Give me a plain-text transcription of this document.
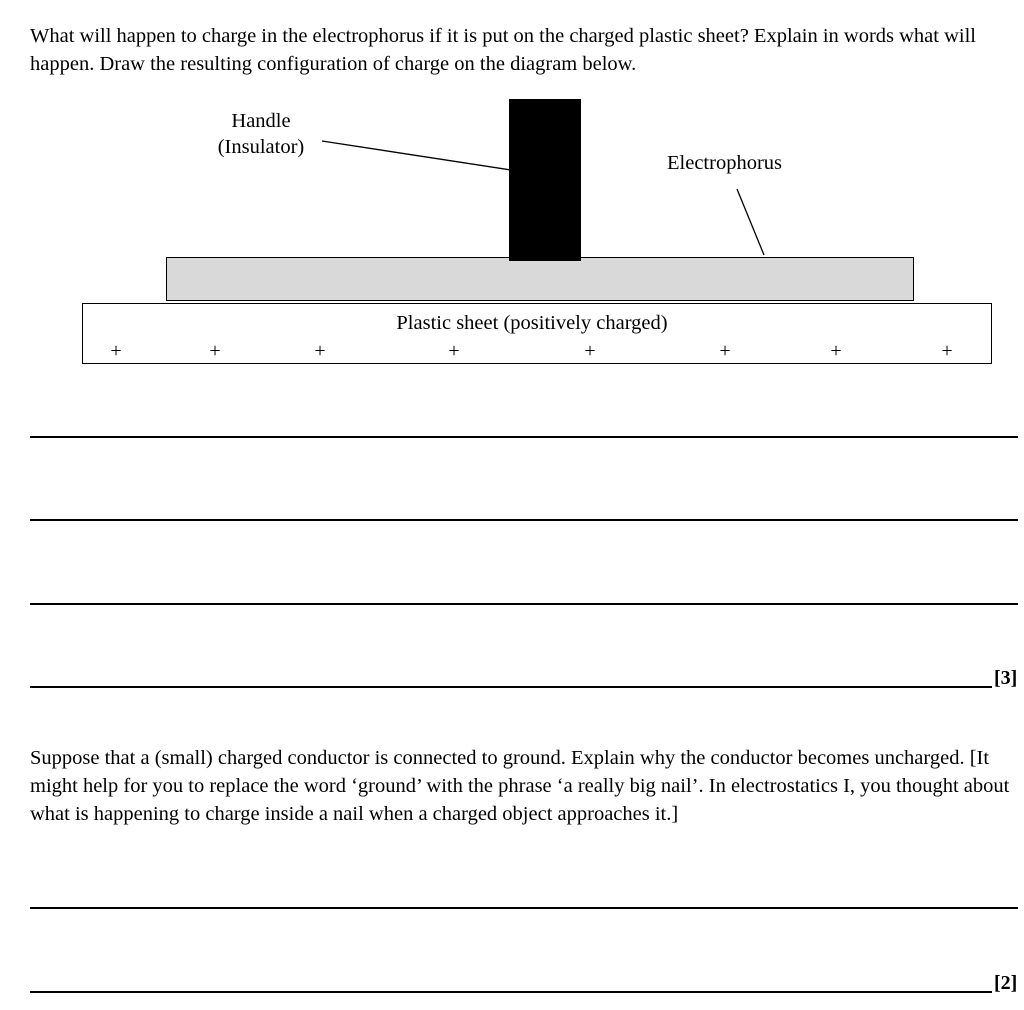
What will happen to charge in the electrophorus if it is put on the charged plastic sheet? Explain in words what will happen. Draw the resulting configuration of charge on the diagram below.

Handle
(Insulator)
Electrophorus
Plastic sheet (positively charged)
+	+	+	+	+	+	+	+
[3]

Suppose that a (small) charged conductor is connected to ground. Explain why the conductor becomes uncharged. [It might help for you to replace the word ‘ground’ with the phrase ‘a really big nail’. In electrostatics I, you thought about what is happening to charge inside a nail when a charged object approaches it.]

[2]
